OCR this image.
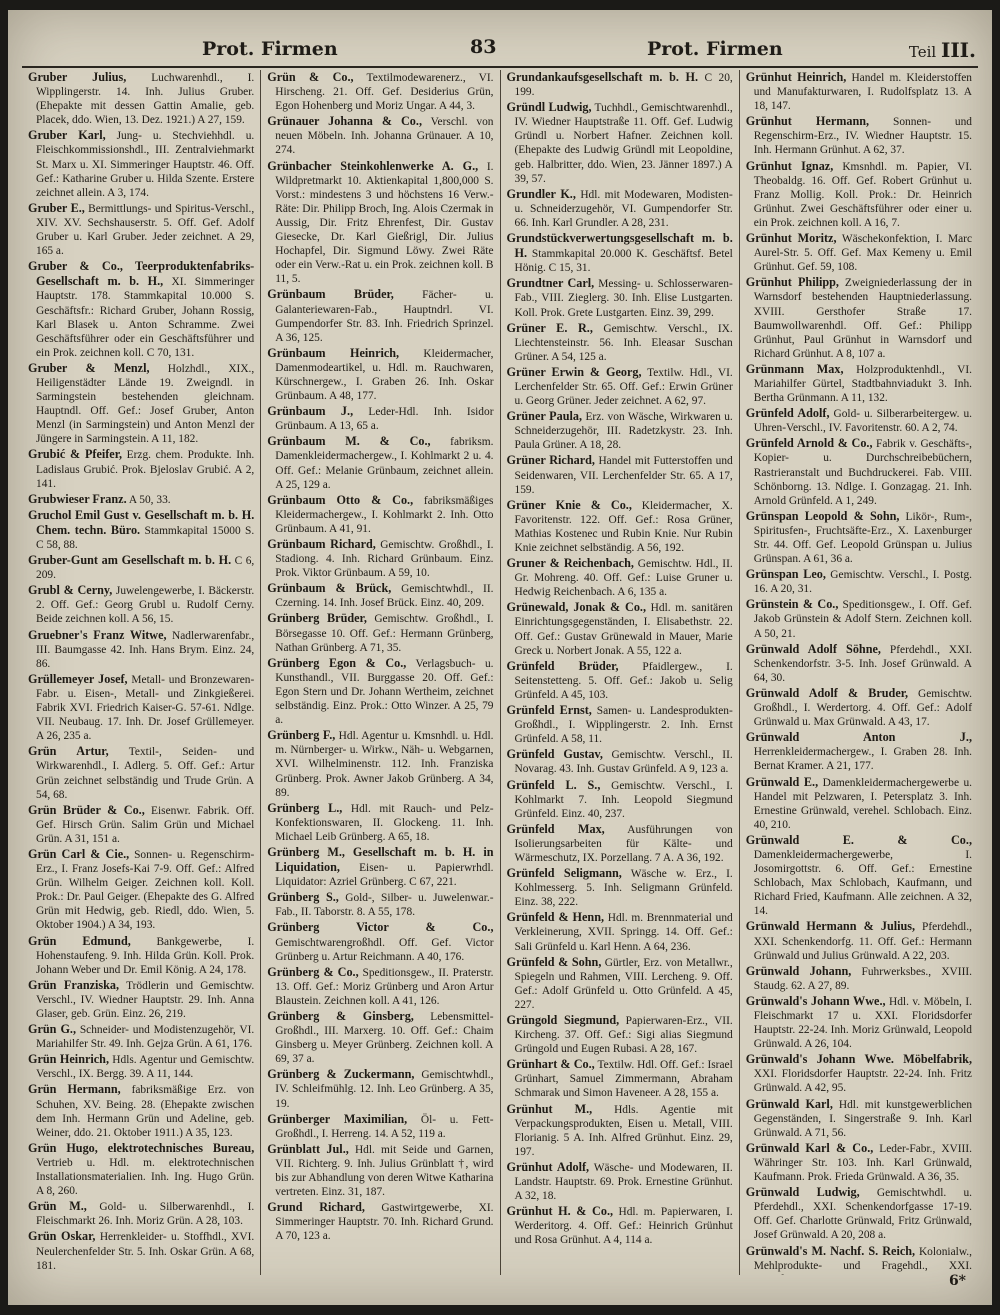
Prot. Firmen	83	Prot. Firmen	Teil III.

Gruber Julius, Luchwarenhdl., I. Wipplingerstr. 14. Inh. Julius Gruber. (Ehepakte mit dessen Gattin Amalie, geb. Placek, ddo. Wien, 13. Dez. 1921.) A 27, 159.

Gruber Karl, Jung- u. Stechviehhdl. u. Fleischkommissionshdl., III. Zentralviehmarkt St. Marx u. XI. Simmeringer Hauptstr. 46. Off. Gef.: Katharine Gruber u. Hilda Szente. Erstere zeichnet allein. A 3, 174.

Gruber E., Bermittlungs- und Spiritus-Verschl., XIV. XV. Sechshauserstr. 5. Off. Gef. Adolf Gruber u. Karl Gruber. Jeder zeichnet. A 29, 165 a.

Gruber & Co., Teerproduktenfabriks-Gesellschaft m. b. H., XI. Simmeringer Hauptstr. 178. Stammkapital 10.000 S. Geschäftsfr.: Richard Gruber, Johann Rossig, Karl Blasek u. Anton Schramme. Zwei Geschäftsführer oder ein Geschäftsführer und ein Prok. zeichnen koll. C 70, 131.

Gruber & Menzl, Holzhdl., XIX., Heiligenstädter Lände 19. Zweigndl. in Sarmingstein bestehenden gleichnam. Hauptndl. Off. Gef.: Josef Gruber, Anton Menzl (in Sarmingstein) und Anton Menzl der Jüngere in Sarmingstein. A 11, 182.

Grubić & Pfeifer, Erzg. chem. Produkte. Inh. Ladislaus Grubić. Prok. Bjeloslav Grubić. A 2, 141.

Grubwieser Franz. A 50, 33.

Gruchol Emil Gust v. Gesellschaft m. b. H. Chem. techn. Büro. Stammkapital 15000 S. C 58, 88.

Gruber-Gunt am Gesellschaft m. b. H. C 6, 209.

Grubl & Cerny, Juwelengewerbe, I. Bäckerstr. 2. Off. Gef.: Georg Grubl u. Rudolf Cerny. Beide zeichnen koll. A 56, 15.

Gruebner's Franz Witwe, Nadlerwarenfabr., III. Baumgasse 42. Inh. Hans Brym. Einz. 24, 86.

Grüllemeyer Josef, Metall- und Bronzewaren-Fabr. u. Eisen-, Metall- und Zinkgießerei. Fabrik XVI. Friedrich Kaiser-G. 57-61. Ndlge. VII. Neubaug. 17. Inh. Dr. Josef Grüllemeyer. A 26, 235 a.

Grün Artur, Textil-, Seiden- und Wirkwarenhdl., I. Adlerg. 5. Off. Gef.: Artur Grün zeichnet selbständig und Trude Grün. A 54, 68.

Grün Brüder & Co., Eisenwr. Fabrik. Off. Gef. Hirsch Grün. Salim Grün und Michael Grün. A 31, 151 a.

Grün Carl & Cie., Sonnen- u. Regenschirm-Erz., I. Franz Josefs-Kai 7-9. Off. Gef.: Alfred Grün. Wilhelm Geiger. Zeichnen koll. Koll. Prok.: Dr. Paul Geiger. (Ehepakte des G. Alfred Grün mit Hedwig, geb. Riedl, ddo. Wien, 5. Oktober 1904.) A 34, 193.

Grün Edmund, Bankgewerbe, I. Hohenstaufeng. 9. Inh. Hilda Grün. Koll. Prok. Johann Weber und Dr. Emil König. A 24, 178.

Grün Franziska, Trödlerin und Gemischtw. Verschl., IV. Wiedner Hauptstr. 29. Inh. Anna Glaser, geb. Grün. Einz. 26, 219.

Grün G., Schneider- und Modistenzugehör, VI. Mariahilfer Str. 49. Inh. Gejza Grün. A 61, 176.

Grün Heinrich, Hdls. Agentur und Gemischtw. Verschl., IX. Bergg. 39. A 11, 144.

Grün Hermann, fabriksmäßige Erz. von Schuhen, XV. Being. 28. (Ehepakte zwischen dem Inh. Hermann Grün und Adeline, geb. Weiner, ddo. 21. Oktober 1911.) A 35, 123.

Grün Hugo, elektrotechnisches Bureau, Vertrieb u. Hdl. m. elektrotechnischen Installationsmaterialien. Inh. Ing. Hugo Grün. A 8, 260.

Grün M., Gold- u. Silberwarenhdl., I. Fleischmarkt 26. Inh. Moriz Grün. A 28, 103.

Grün Oskar, Herrenkleider- u. Stoffhdl., XVI. Neulerchenfelder Str. 5. Inh. Oskar Grün. A 68, 181.

Grün & Co., Textilmodewarenerz., VI. Hirscheng. 21. Off. Gef. Desiderius Grün, Egon Hohenberg und Moriz Ungar. A 44, 3.

Grünauer Johanna & Co., Verschl. von neuen Möbeln. Inh. Johanna Grünauer. A 10, 274.

Grünbacher Steinkohlenwerke A. G., I. Wildpretmarkt 10. Aktienkapital 1,800,000 S. Vorst.: mindestens 3 und höchstens 16 Verw.-Räte: Dir. Philipp Broch, Ing. Alois Czermak in Aussig, Dir. Fritz Ehrenfest, Dir. Gustav Giesecke, Dr. Karl Gießrigl, Dir. Julius Hochapfel, Dir. Sigmund Löwy. Zwei Räte oder ein Verw.-Rat u. ein Prok. zeichnen koll. B 11, 5.

Grünbaum Brüder, Fächer- u. Galanteriewaren-Fab., Hauptndrl. VI. Gumpendorfer Str. 83. Inh. Friedrich Sprinzel. A 36, 125.

Grünbaum Heinrich, Kleidermacher, Damenmodeartikel, u. Hdl. m. Rauchwaren, Kürschnergew., I. Graben 26. Inh. Oskar Grünbaum. A 48, 177.

Grünbaum J., Leder-Hdl. Inh. Isidor Grünbaum. A 13, 65 a.

Grünbaum M. & Co., fabriksm. Damenkleidermachergew., I. Kohlmarkt 2 u. 4. Off. Gef.: Melanie Grünbaum, zeichnet allein. A 25, 129 a.

Grünbaum Otto & Co., fabriksmäßiges Kleidermachergew., I. Kohlmarkt 2. Inh. Otto Grünbaum. A 41, 91.

Grünbaum Richard, Gemischtw. Großhdl., I. Stadiong. 4. Inh. Richard Grünbaum. Einz. Prok. Viktor Grünbaum. A 59, 10.

Grünbaum & Brück, Gemischtwhdl., II. Czerning. 14. Inh. Josef Brück. Einz. 40, 209.

Grünberg Brüder, Gemischtw. Großhdl., I. Börsegasse 10. Off. Gef.: Hermann Grünberg, Nathan Grünberg. A 71, 35.

Grünberg Egon & Co., Verlagsbuch- u. Kunsthandl., VII. Burggasse 20. Off. Gef.: Egon Stern und Dr. Johann Wertheim, zeichnet selbständig. Einz. Prok.: Otto Winzer. A 25, 79 a.

Grünberg F., Hdl. Agentur u. Kmsnhdl. u. Hdl. m. Nürnberger- u. Wirkw., Näh- u. Webgarnen, XVI. Wilhelminenstr. 112. Inh. Franziska Grünberg. Prok. Awner Jakob Grünberg. A 34, 89.

Grünberg L., Hdl. mit Rauch- und Pelz-Konfektionswaren, II. Glockeng. 11. Inh. Michael Leib Grünberg. A 65, 18.

Grünberg M., Gesellschaft m. b. H. in Liquidation, Eisen- u. Papierwrhdl. Liquidator: Azriel Grünberg. C 67, 221.

Grünberg S., Gold-, Silber- u. Juwelenwar.-Fab., II. Taborstr. 8. A 55, 178.

Grünberg Victor & Co., Gemischtwarengroßhdl. Off. Gef. Victor Grünberg u. Artur Reichmann. A 40, 176.

Grünberg & Co., Speditionsgew., II. Praterstr. 13. Off. Gef.: Moriz Grünberg und Aron Artur Blaustein. Zeichnen koll. A 41, 126.

Grünberg & Ginsberg, Lebensmittel-Großhdl., III. Marxerg. 10. Off. Gef.: Chaim Ginsberg u. Meyer Grünberg. Zeichnen koll. A 69, 37 a.

Grünberg & Zuckermann, Gemischtwhdl., IV. Schleifmühlg. 12. Inh. Leo Grünberg. A 35, 19.

Grünberger Maximilian, Öl- u. Fett-Großhdl., I. Herreng. 14. A 52, 119 a.

Grünblatt Jul., Hdl. mit Seide und Garnen, VII. Richterg. 9. Inh. Julius Grünblatt †, wird bis zur Abhandlung von deren Witwe Katharina vertreten. Einz. 31, 187.

Grund Richard, Gastwirtgewerbe, XI. Simmeringer Hauptstr. 70. Inh. Richard Grund. A 70, 123 a.

Grundankaufsgesellschaft m. b. H. C 20, 199.

Gründl Ludwig, Tuchhdl., Gemischtwarenhdl., IV. Wiedner Hauptstraße 11. Off. Gef. Ludwig Gründl u. Norbert Hafner. Zeichnen koll. (Ehepakte des Ludwig Gründl mit Leopoldine, geb. Halbritter, ddo. Wien, 23. Jänner 1897.) A 39, 57.

Grundler K., Hdl. mit Modewaren, Modisten- u. Schneiderzugehör, VI. Gumpendorfer Str. 66. Inh. Karl Grundler. A 28, 231.

Grundstückverwertungsgesellschaft m. b. H. Stammkapital 20.000 K. Geschäftsf. Betel Hönig. C 15, 31.

Grundtner Carl, Messing- u. Schlosserwaren-Fab., VIII. Zieglerg. 30. Inh. Elise Lustgarten. Koll. Prok. Grete Lustgarten. Einz. 39, 299.

Grüner E. R., Gemischtw. Verschl., IX. Liechtensteinstr. 56. Inh. Eleasar Suschan Grüner. A 54, 125 a.

Grüner Erwin & Georg, Textilw. Hdl., VI. Lerchenfelder Str. 65. Off. Gef.: Erwin Grüner u. Georg Grüner. Jeder zeichnet. A 62, 97.

Grüner Paula, Erz. von Wäsche, Wirkwaren u. Schneiderzugehör, III. Radetzkystr. 23. Inh. Paula Grüner. A 18, 28.

Grüner Richard, Handel mit Futterstoffen und Seidenwaren, VII. Lerchenfelder Str. 65. A 17, 159.

Grüner Knie & Co., Kleidermacher, X. Favoritenstr. 122. Off. Gef.: Rosa Grüner, Mathias Kostenec und Rubin Knie. Nur Rubin Knie zeichnet selbständig. A 56, 192.

Gruner & Reichenbach, Gemischtw. Hdl., II. Gr. Mohreng. 40. Off. Gef.: Luise Gruner u. Hedwig Reichenbach. A 6, 135 a.

Grünewald, Jonak & Co., Hdl. m. sanitären Einrichtungsgegenständen, I. Elisabethstr. 22. Off. Gef.: Gustav Grünewald in Mauer, Marie Greck u. Norbert Jonak. A 55, 122 a.

Grünfeld Brüder, Pfaidlergew., I. Seitenstetteng. 5. Off. Gef.: Jakob u. Selig Grünfeld. A 45, 103.

Grünfeld Ernst, Samen- u. Landesprodukten-Großhdl., I. Wipplingerstr. 2. Inh. Ernst Grünfeld. A 58, 11.

Grünfeld Gustav, Gemischtw. Verschl., II. Novarag. 43. Inh. Gustav Grünfeld. A 9, 123 a.

Grünfeld L. S., Gemischtw. Verschl., I. Kohlmarkt 7. Inh. Leopold Siegmund Grünfeld. Einz. 40, 237.

Grünfeld Max, Ausführungen von Isolierungsarbeiten für Kälte- und Wärmeschutz, IX. Porzellang. 7 A. A 36, 192.

Grünfeld Seligmann, Wäsche w. Erz., I. Kohlmesserg. 5. Inh. Seligmann Grünfeld. Einz. 38, 222.

Grünfeld & Henn, Hdl. m. Brennmaterial und Verkleinerung, XVII. Springg. 14. Off. Gef.: Sali Grünfeld u. Karl Henn. A 64, 236.

Grünfeld & Sohn, Gürtler, Erz. von Metallwr., Spiegeln und Rahmen, VIII. Lercheng. 9. Off. Gef.: Adolf Grünfeld u. Otto Grünfeld. A 45, 227.

Grüngold Siegmund, Papierwaren-Erz., VII. Kircheng. 37. Off. Gef.: Sigi alias Siegmund Grüngold und Eugen Rubasi. A 28, 167.

Grünhart & Co., Textilw. Hdl. Off. Gef.: Israel Grünhart, Samuel Zimmermann, Abraham Schmarak und Simon Haveneer. A 28, 155 a.

Grünhut M., Hdls. Agentie mit Verpackungsprodukten, Eisen u. Metall, VIII. Florianig. 5 A. Inh. Alfred Grünhut. Einz. 29, 197.

Grünhut Adolf, Wäsche- und Modewaren, II. Landstr. Hauptstr. 69. Prok. Ernestine Grünhut. A 32, 18.

Grünhut H. & Co., Hdl. m. Papierwaren, I. Werderitorg. 4. Off. Gef.: Heinrich Grünhut und Rosa Grünhut. A 4, 114 a.

Grünhut Heinrich, Handel m. Kleiderstoffen und Manufakturwaren, I. Rudolfsplatz 13. A 18, 147.

Grünhut Hermann, Sonnen- und Regenschirm-Erz., IV. Wiedner Hauptstr. 15. Inh. Hermann Grünhut. A 62, 37.

Grünhut Ignaz, Kmsnhdl. m. Papier, VI. Theobaldg. 16. Off. Gef. Robert Grünhut u. Franz Mollig. Koll. Prok.: Dr. Heinrich Grünhut. Zwei Geschäftsführer oder einer u. ein Prok. zeichnen koll. A 16, 7.

Grünhut Moritz, Wäschekonfektion, I. Marc Aurel-Str. 5. Off. Gef. Max Kemeny u. Emil Grünhut. Gef. 59, 108.

Grünhut Philipp, Zweigniederlassung der in Warnsdorf bestehenden Hauptniederlassung. XVIII. Gersthofer Straße 17. Baumwollwarenhdl. Off. Gef.: Philipp Grünhut, Paul Grünhut in Warnsdorf und Richard Grünhut. A 8, 107 a.

Grünmann Max, Holzproduktenhdl., VI. Mariahilfer Gürtel, Stadtbahnviadukt 3. Inh. Bertha Grünmann. A 11, 132.

Grünfeld Adolf, Gold- u. Silberarbeitergew. u. Uhren-Verschl., IV. Favoritenstr. 60. A 2, 74.

Grünfeld Arnold & Co., Fabrik v. Geschäfts-, Kopier- u. Durchschreibebüchern, Rastrieranstalt und Buchdruckerei. Fab. VIII. Schönborng. 13. Ndlge. I. Gonzagag. 21. Inh. Arnold Grünfeld. A 1, 249.

Grünspan Leopold & Sohn, Likör-, Rum-, Spiritusfen-, Fruchtsäfte-Erz., X. Laxenburger Str. 44. Off. Gef. Leopold Grünspan u. Julius Grünspan. A 61, 36 a.

Grünspan Leo, Gemischtw. Verschl., I. Postg. 16. A 20, 31.

Grünstein & Co., Speditionsgew., I. Off. Gef. Jakob Grünstein & Adolf Stern. Zeichnen koll. A 50, 21.

Grünwald Adolf Söhne, Pferdehdl., XXI. Schenkendorfstr. 3-5. Inh. Josef Grünwald. A 64, 30.

Grünwald Adolf & Bruder, Gemischtw. Großhdl., I. Werdertorg. 4. Off. Gef.: Adolf Grünwald u. Max Grünwald. A 43, 17.

Grünwald Anton J., Herrenkleidermachergew., I. Graben 28. Inh. Bernat Kramer. A 21, 177.

Grünwald E., Damenkleidermachergewerbe u. Handel mit Pelzwaren, I. Petersplatz 3. Inh. Ernestine Grünwald, verehel. Schlobach. Einz. 40, 210.

Grünwald E. & Co., Damenkleidermachergewerbe, I. Josomirgottstr. 6. Off. Gef.: Ernestine Schlobach, Max Schlobach, Kaufmann, und Richard Fried, Kaufmann. Alle zeichnen. A 32, 14.

Grünwald Hermann & Julius, Pferdehdl., XXI. Schenkendorfg. 11. Off. Gef.: Hermann Grünwald und Julius Grünwald. A 22, 203.

Grünwald Johann, Fuhrwerksbes., XVIII. Staudg. 62. A 27, 89.

Grünwald's Johann Wwe., Hdl. v. Möbeln, I. Fleischmarkt 17 u. XXI. Floridsdorfer Hauptstr. 22-24. Inh. Moriz Grünwald, Leopold Grünwald. A 26, 104.

Grünwald's Johann Wwe. Möbelfabrik, XXI. Floridsdorfer Hauptstr. 22-24. Inh. Fritz Grünwald. A 42, 95.

Grünwald Karl, Hdl. mit kunstgewerblichen Gegenständen, I. Singerstraße 9. Inh. Karl Grünwald. A 71, 56.

Grünwald Karl & Co., Leder-Fabr., XVIII. Währinger Str. 103. Inh. Karl Grünwald, Kaufmann. Prok. Frieda Grünwald. A 36, 35.

Grünwald Ludwig, Gemischtwhdl. u. Pferdehdl., XXI. Schenkendorfgasse 17-19. Off. Gef. Charlotte Grünwald, Fritz Grünwald, Josef Grünwald. A 20, 208 a.

Grünwald's M. Nachf. S. Reich, Kolonialw., Mehlprodukte- und Fragehdl., XXI.

6*
